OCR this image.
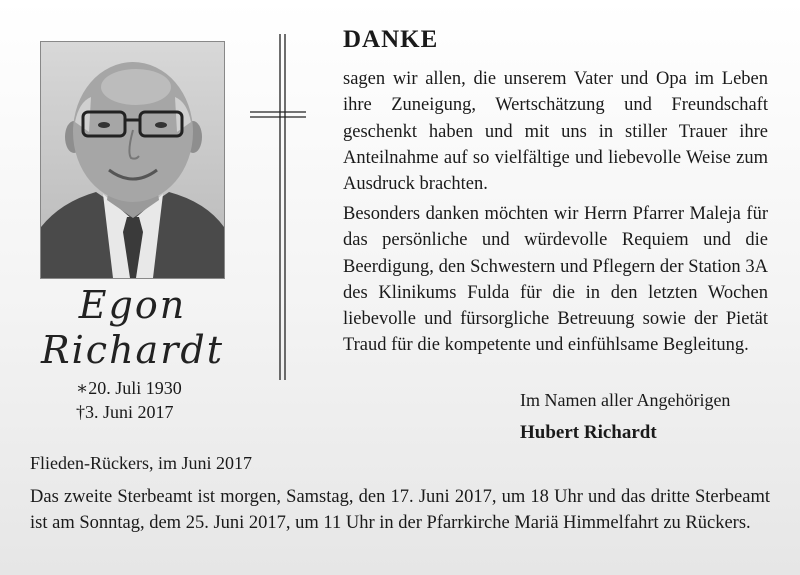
Egon
Richardt
∗20. Juli 1930
†3. Juni 2017
DANKE

sagen wir allen, die unserem Vater und Opa im Leben ihre Zuneigung, Wertschätzung und Freundschaft geschenkt haben und mit uns in stiller Trauer ihre Anteilnahme auf so vielfältige und liebevolle Weise zum Ausdruck brachten.

Besonders danken möchten wir Herrn Pfarrer Maleja für das persönliche und würdevolle Requiem und die Beerdigung, den Schwestern und Pflegern der Station 3A des Klinikums Fulda für die in den letzten Wochen liebevolle und fürsorgliche Betreuung sowie der Pietät Traud für die kompetente und einfühlsame Begleitung.

Im Namen aller Angehörigen
Hubert Richardt
Flieden-Rückers, im Juni 2017

Das zweite Sterbeamt ist morgen, Samstag, den 17. Juni 2017, um 18 Uhr und das dritte Sterbeamt ist am Sonntag, dem 25. Juni 2017, um 11 Uhr in der Pfarrkirche Mariä Himmelfahrt zu Rückers.
